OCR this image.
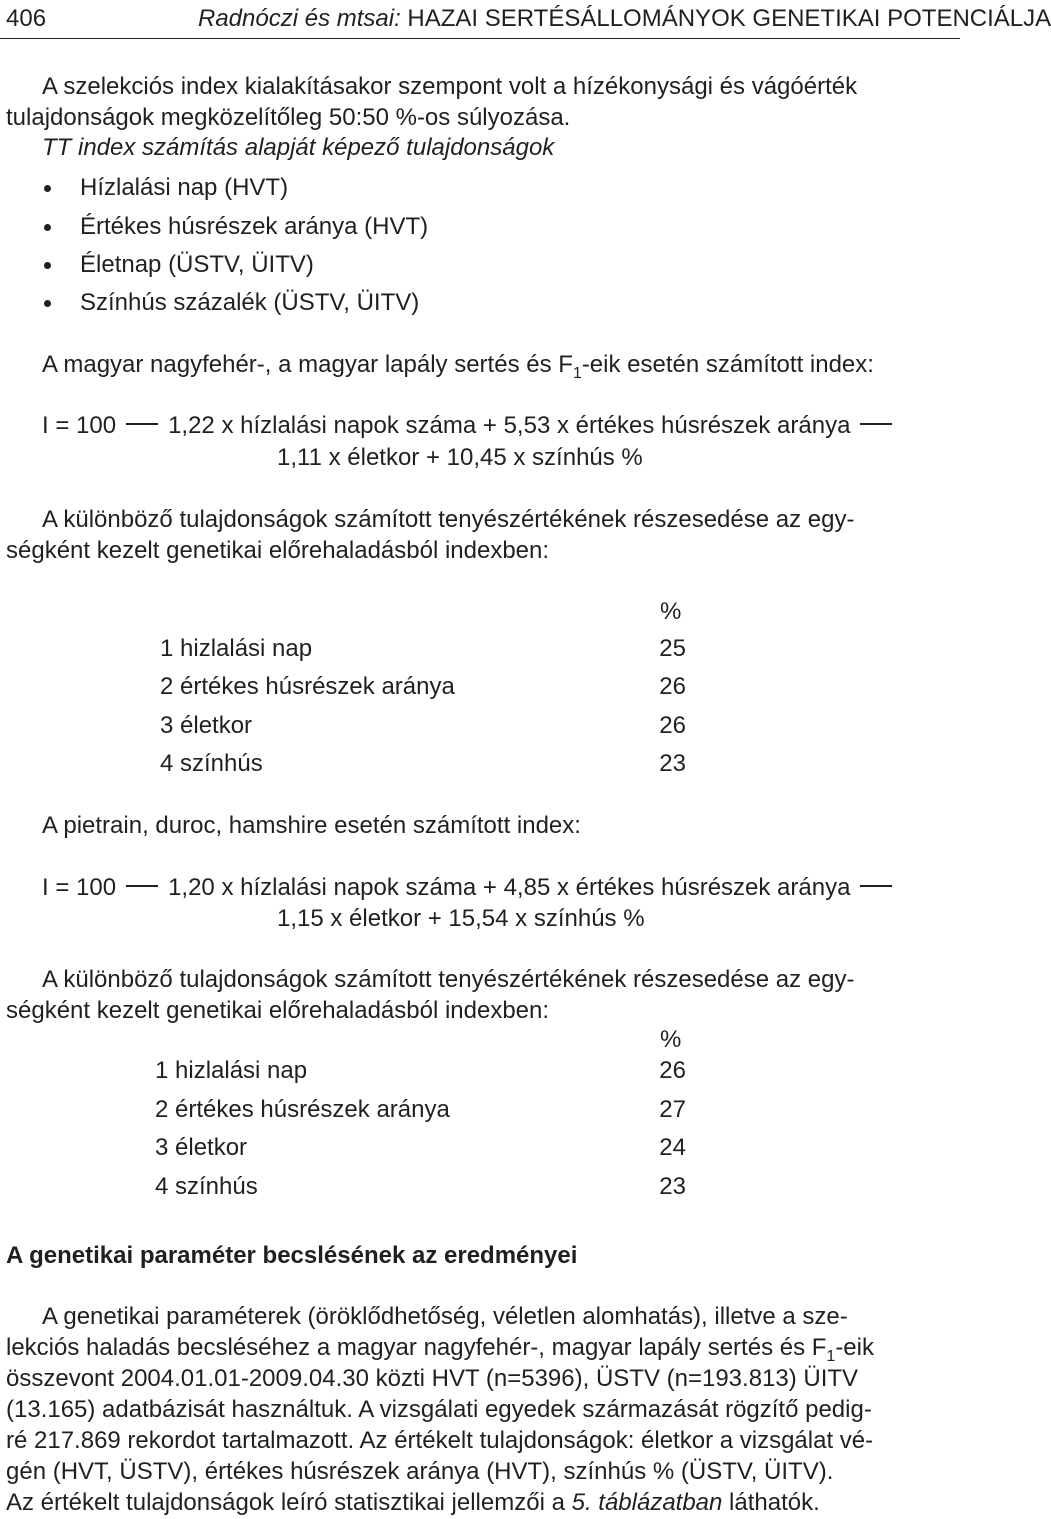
406	Radnóczi és mtsai: HAZAI SERTÉSÁLLOMÁNYOK GENETIKAI POTENCIÁLJA
A szelekciós index kialakításakor szempont volt a hízékonysági és vágóérték
tulajdonságok megközelítőleg 50:50 %-os súlyozása.
TT index számítás alapját képező tulajdonságok
Hízlalási nap (HVT)
Értékes húsrészek aránya (HVT)
Életnap (ÜSTV, ÜITV)
Színhús százalék (ÜSTV, ÜITV)
A magyar nagyfehér-, a magyar lapály sertés és $F_1$-eik esetén számított index:
I = 100 1,22 x hízlalási napok száma + 5,53 x értékes húsrészek aránya
1,11 x életkor + 10,45 x színhús %
A különböző tulajdonságok számított tenyészértékének részesedése az egy-
ségként kezelt genetikai előrehaladásból indexben:
%
1 hizlalási nap	25
2 értékes húsrészek aránya	26
3 életkor	26
4 színhús	23
A pietrain, duroc, hamshire esetén számított index:
I = 100 1,20 x hízlalási napok száma + 4,85 x értékes húsrészek aránya
1,15 x életkor + 15,54 x színhús %
A különböző tulajdonságok számított tenyészértékének részesedése az egy-
ségként kezelt genetikai előrehaladásból indexben:
%
1 hizlalási nap	26
2 értékes húsrészek aránya	27
3 életkor	24
4 színhús	23
A genetikai paraméter becslésének az eredményei
A genetikai paraméterek (öröklődhetőség, véletlen alomhatás), illetve a sze-
lekciós haladás becsléséhez a magyar nagyfehér-, magyar lapály sertés és $F_1$-eik
összevont 2004.01.01-2009.04.30 közti HVT (n=5396), ÜSTV (n=193.813) ÜITV
(13.165) adatbázisát használtuk. A vizsgálati egyedek származását rögzítő pedig-
ré 217.869 rekordot tartalmazott. Az értékelt tulajdonságok: életkor a vizsgálat vé-
gén (HVT, ÜSTV), értékes húsrészek aránya (HVT), színhús % (ÜSTV, ÜITV).
Az értékelt tulajdonságok leíró statisztikai jellemzői a 5. táblázatban láthatók.
